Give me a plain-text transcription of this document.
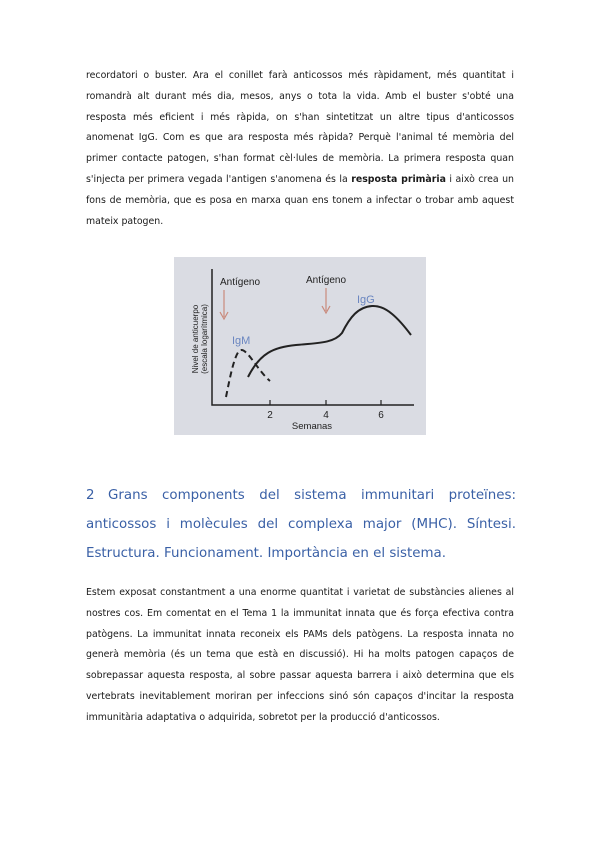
recordatori o buster. Ara el conillet farà anticossos més ràpidament, més quantitat i romandrà alt durant més dia, mesos, anys o tota la vida. Amb el buster s'obté una resposta més eficient i més ràpida, on s'han sintetitzat un altre tipus d'anticossos anomenat IgG. Com es que ara resposta més ràpida? Perquè l'animal té memòria del primer contacte patogen, s'han format cèl·lules de memòria. La primera resposta quan s'injecta per primera vegada l'antigen s'anomena és la resposta primària i això crea un fons de memòria, que es posa en marxa quan ens tonem a infectar o trobar amb aquest mateix patogen.

2	4	6
Semanas
Nivel de anticuerpo (escala logarítmica)
Antígeno	Antígeno
IgM
IgG
2 Grans components del sistema immunitari proteïnes: anticossos i molècules del complexa major (MHC). Síntesi. Estructura. Funcionament. Importància en el sistema.

Estem exposat constantment a una enorme quantitat i varietat de substàncies alienes al nostres cos. Em comentat en el Tema 1 la immunitat innata que és força efectiva contra patògens. La immunitat innata reconeix els PAMs dels patògens. La resposta innata no generà memòria (és un tema que està en discussió). Hi ha molts patogen capaços de sobrepassar aquesta resposta, al sobre passar aquesta barrera i això determina que els vertebrats inevitablement moriran per infeccions sinó són capaços d'incitar la resposta immunitària adaptativa o adquirida, sobretot per la producció d'anticossos.
